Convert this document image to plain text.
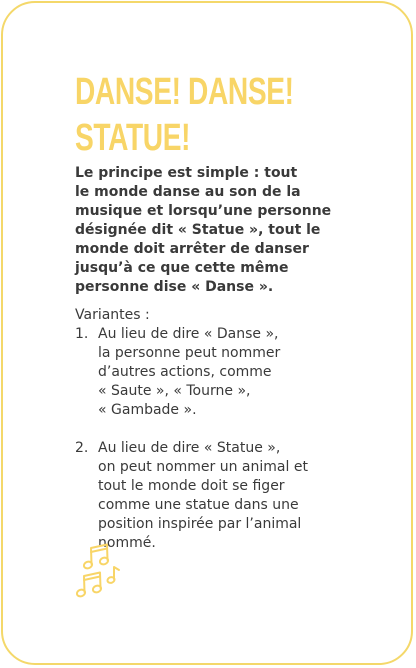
DANSE! DANSE!
STATUE!

Le principe est simple : tout
le monde danse au son de la
musique et lorsqu’une personne
désignée dit « Statue », tout le
monde doit arrêter de danser
jusqu’à ce que cette même
personne dise « Danse ».

Variantes :

1. Au lieu de dire « Danse »,
la personne peut nommer
d’autres actions, comme
« Saute », « Tourne »,
« Gambade ».
2. Au lieu de dire « Statue »,
on peut nommer un animal et
tout le monde doit se figer
comme une statue dans une
position inspirée par l’animal
nommé.
